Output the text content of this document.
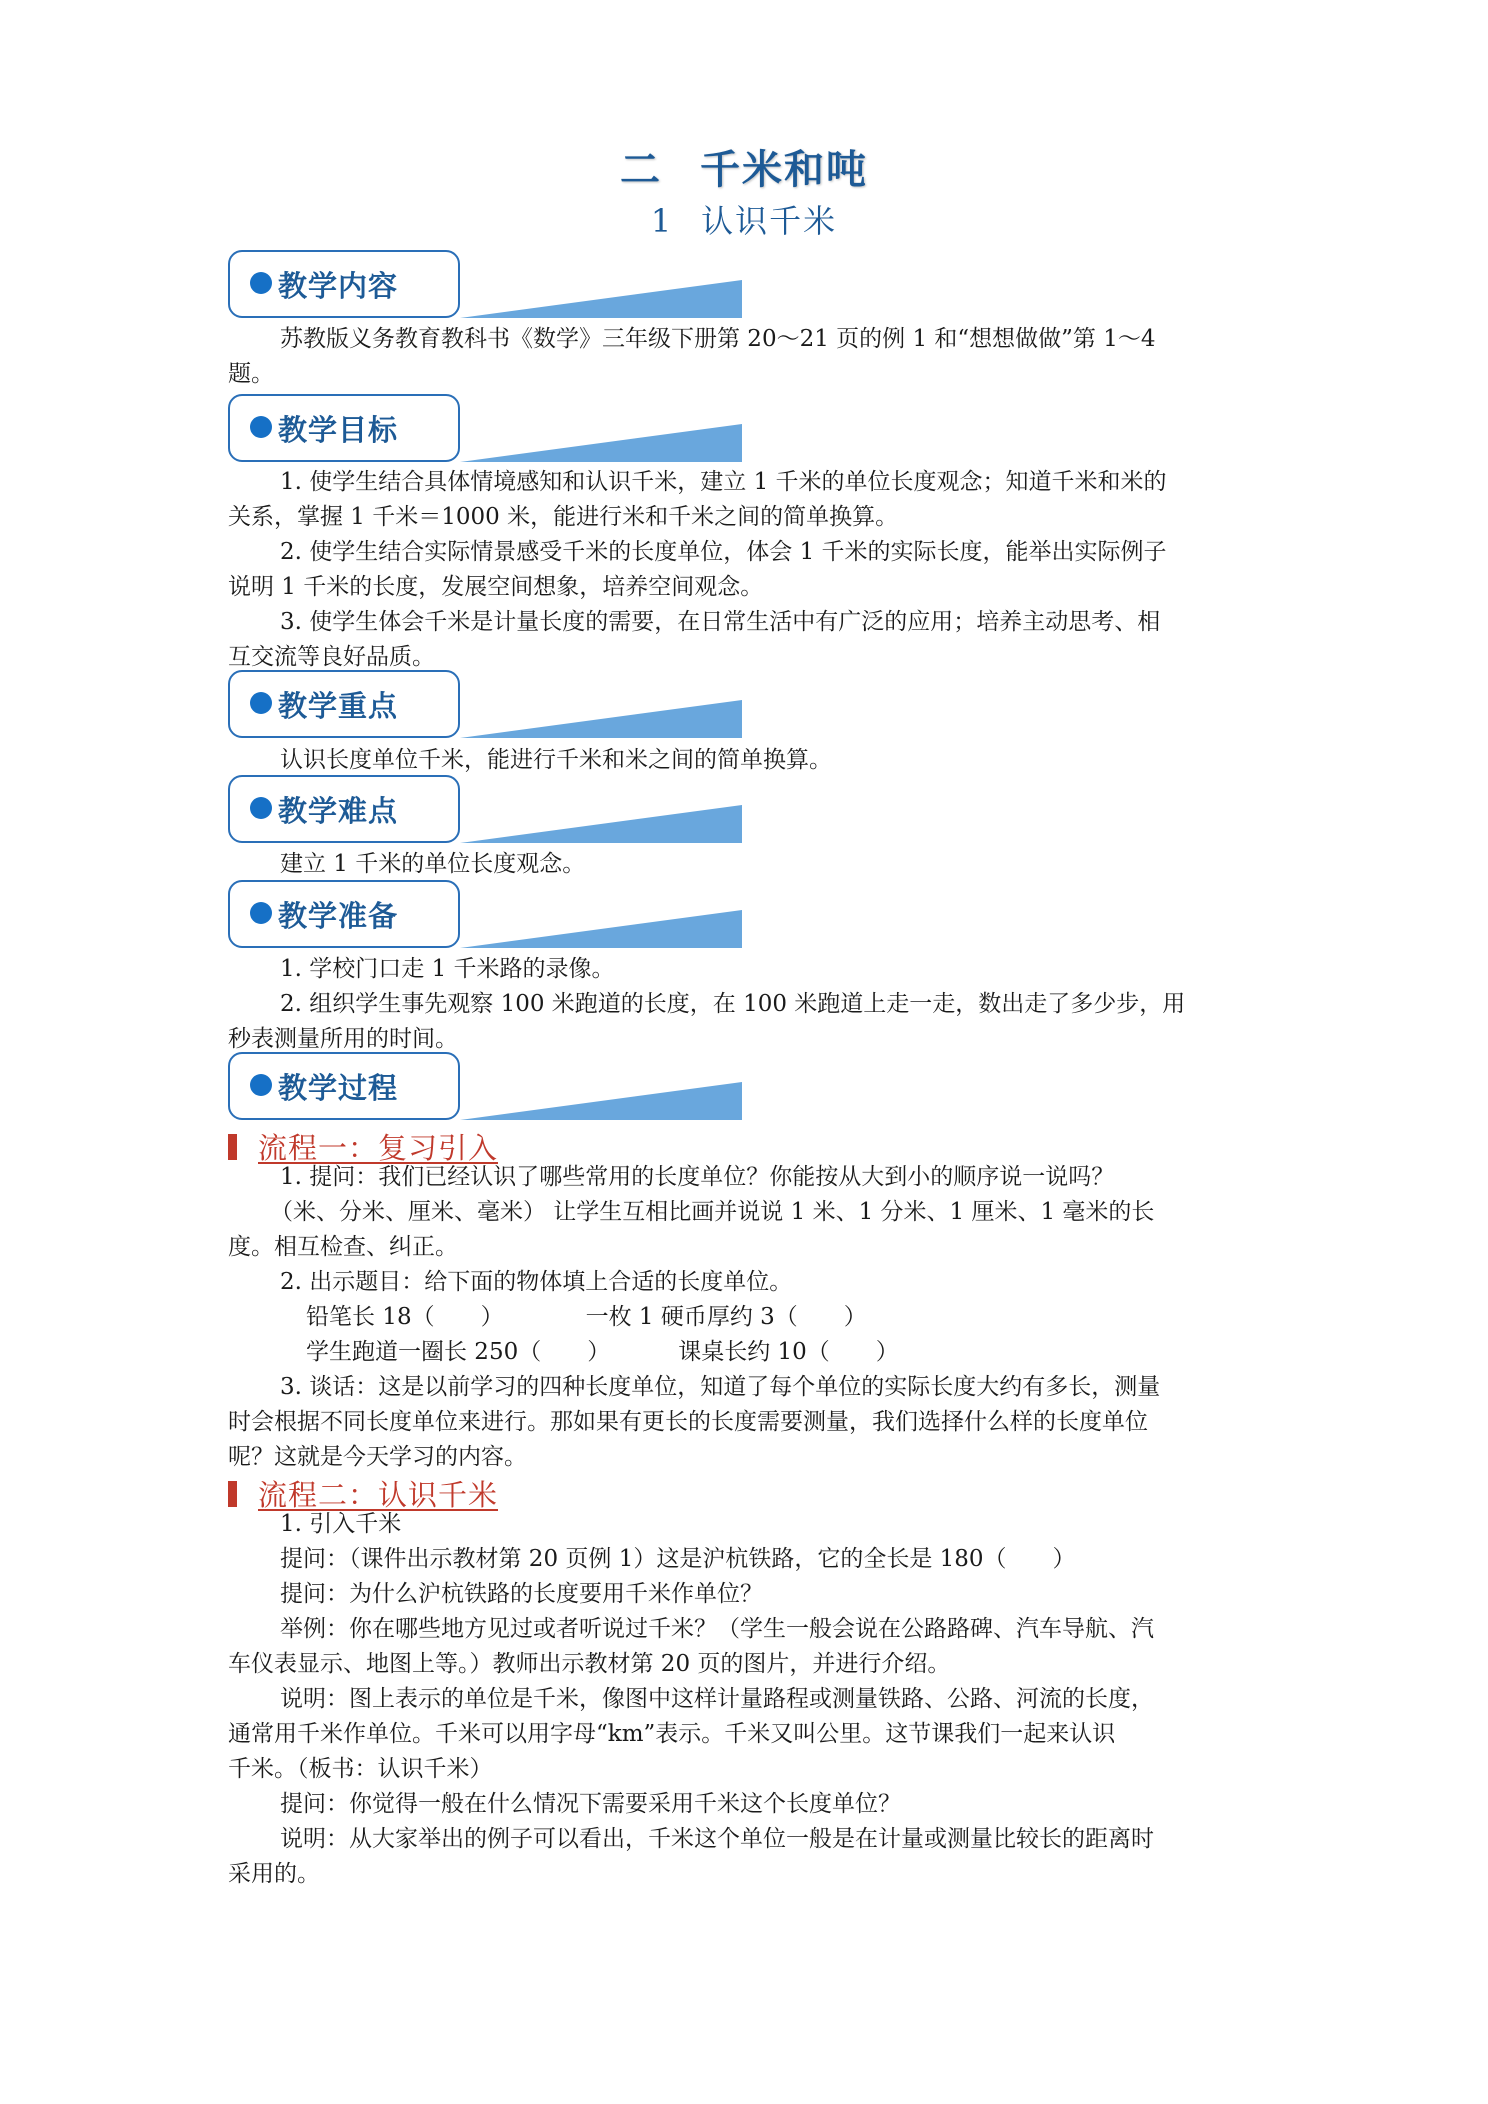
二 千米和吨
1 认识千米
教学内容
苏教版义务教育教科书《数学》三年级下册第 20～21 页的例 1 和“想想做做”第 1～4
题。
教学目标
1. 使学生结合具体情境感知和认识千米，建立 1 千米的单位长度观念；知道千米和米的
关系，掌握 1 千米＝1000 米，能进行米和千米之间的简单换算。
2. 使学生结合实际情景感受千米的长度单位，体会 1 千米的实际长度，能举出实际例子
说明 1 千米的长度，发展空间想象，培养空间观念。
3. 使学生体会千米是计量长度的需要，在日常生活中有广泛的应用；培养主动思考、相
互交流等良好品质。
教学重点
认识长度单位千米，能进行千米和米之间的简单换算。
教学难点
建立 1 千米的单位长度观念。
教学准备
1. 学校门口走 1 千米路的录像。
2. 组织学生事先观察 100 米跑道的长度，在 100 米跑道上走一走，数出走了多少步，用
秒表测量所用的时间。
教学过程
流程一：复习引入
1. 提问：我们已经认识了哪些常用的长度单位？你能按从大到小的顺序说一说吗？
（米、分米、厘米、毫米） 让学生互相比画并说说 1 米、1 分米、1 厘米、1 毫米的长
度。相互检查、纠正。
2. 出示题目：给下面的物体填上合适的长度单位。
铅笔长 18（　　）	一枚 1 硬币厚约 3（　　）
学生跑道一圈长 250（　　）	课桌长约 10（　　）
3. 谈话：这是以前学习的四种长度单位，知道了每个单位的实际长度大约有多长，测量
时会根据不同长度单位来进行。那如果有更长的长度需要测量，我们选择什么样的长度单位
呢？这就是今天学习的内容。
流程二：认识千米
1. 引入千米
提问：（课件出示教材第 20 页例 1）这是沪杭铁路，它的全长是 180（　　）
提问：为什么沪杭铁路的长度要用千米作单位？
举例：你在哪些地方见过或者听说过千米？（学生一般会说在公路路碑、汽车导航、汽
车仪表显示、地图上等。）教师出示教材第 20 页的图片，并进行介绍。
说明：图上表示的单位是千米，像图中这样计量路程或测量铁路、公路、河流的长度，
通常用千米作单位。千米可以用字母“km”表示。千米又叫公里。这节课我们一起来认识
千米。（板书：认识千米）
提问：你觉得一般在什么情况下需要采用千米这个长度单位？
说明：从大家举出的例子可以看出，千米这个单位一般是在计量或测量比较长的距离时
采用的。
